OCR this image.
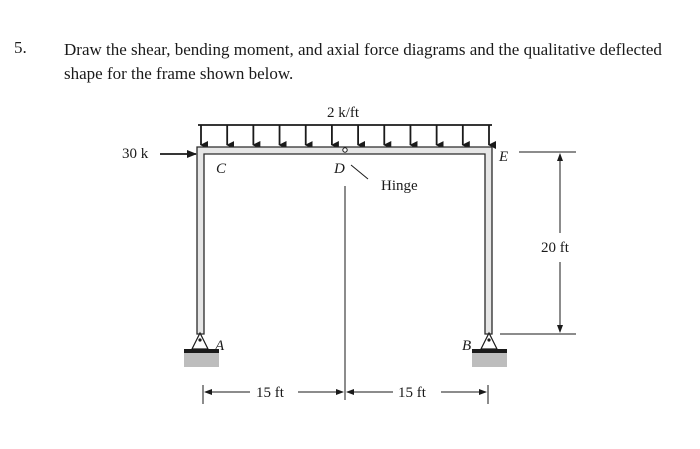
5. Draw the shear, bending moment, and axial force diagrams and the qualitative deflected
shape for the frame shown below.
2 k/ft
30 k
C	D
E
Hinge
20 ft
A	B
15 ft	15 ft
